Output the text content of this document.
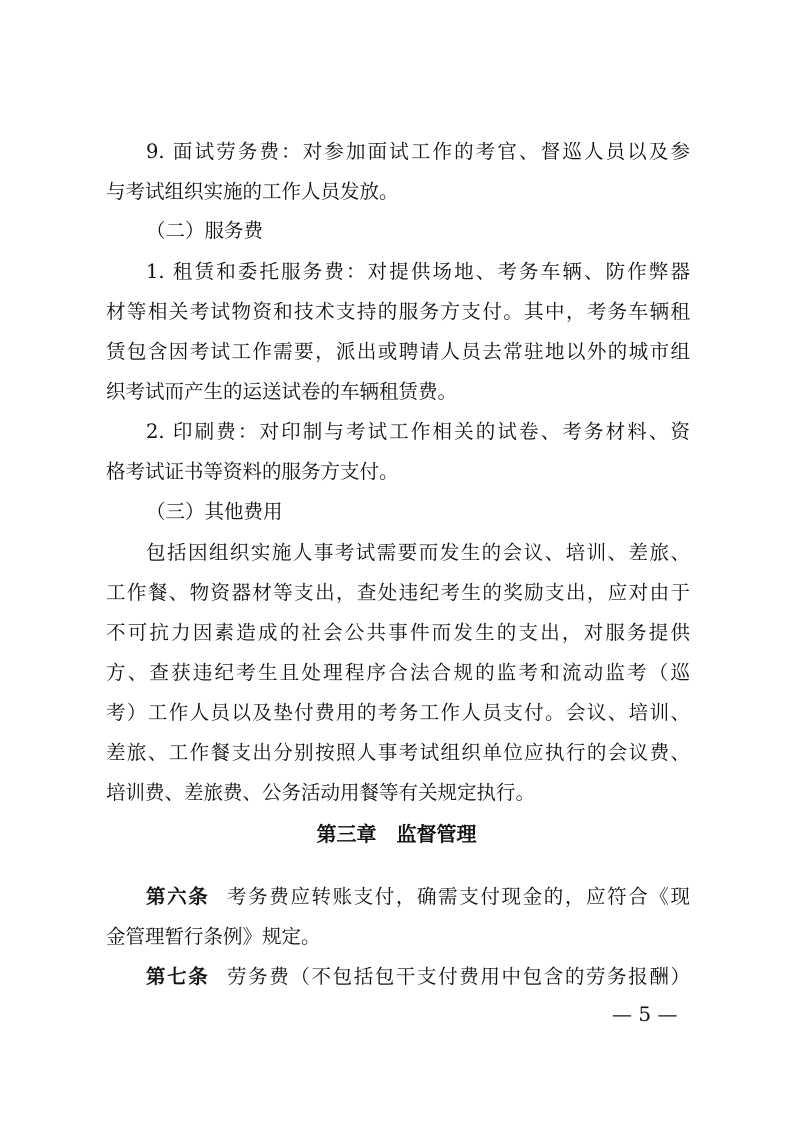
9. 面试劳务费：对参加面试工作的考官、督巡人员以及参
与考试组织实施的工作人员发放。
（二）服务费
1. 租赁和委托服务费：对提供场地、考务车辆、防作弊器
材等相关考试物资和技术支持的服务方支付。其中，考务车辆租
赁包含因考试工作需要，派出或聘请人员去常驻地以外的城市组
织考试而产生的运送试卷的车辆租赁费。
2. 印刷费：对印制与考试工作相关的试卷、考务材料、资
格考试证书等资料的服务方支付。
（三）其他费用
包括因组织实施人事考试需要而发生的会议、培训、差旅、
工作餐、物资器材等支出，查处违纪考生的奖励支出，应对由于
不可抗力因素造成的社会公共事件而发生的支出，对服务提供
方、查获违纪考生且处理程序合法合规的监考和流动监考（巡
考）工作人员以及垫付费用的考务工作人员支付。会议、培训、
差旅、工作餐支出分别按照人事考试组织单位应执行的会议费、
培训费、差旅费、公务活动用餐等有关规定执行。
第三章 监督管理
第六条 考务费应转账支付，确需支付现金的，应符合《现
金管理暂行条例》规定。
第七条 劳务费（不包括包干支付费用中包含的劳务报酬）
— 5 —
